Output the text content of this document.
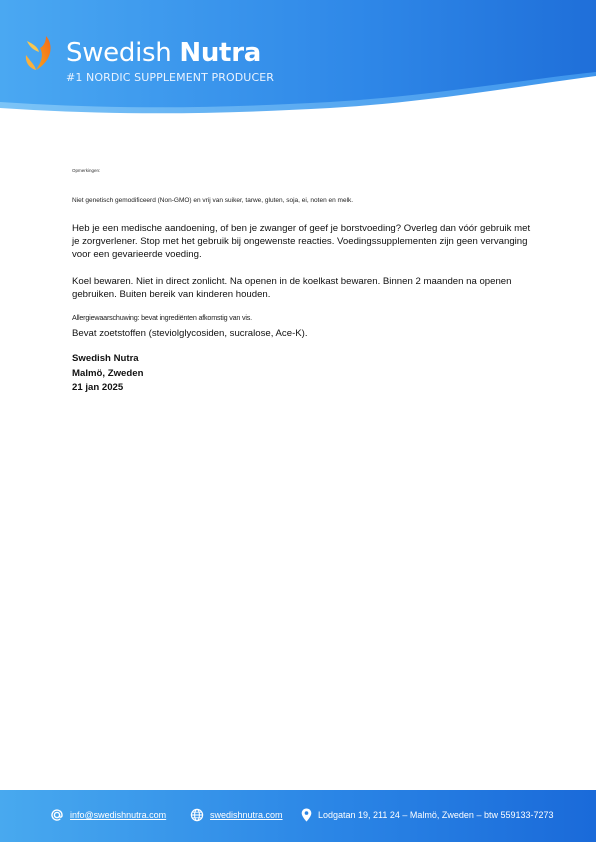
Swedish Nutra
#1 NORDIC SUPPLEMENT PRODUCER

Opmerkingen:

Niet genetisch gemodificeerd (Non-GMO) en vrij van suiker, tarwe, gluten, soja, ei, noten en melk.

Heb je een medische aandoening, of ben je zwanger of geef je borstvoeding? Overleg dan vóór gebruik met je zorgverlener. Stop met het gebruik bij ongewenste reacties. Voedingssupplementen zijn geen vervanging voor een gevarieerde voeding.

Koel bewaren. Niet in direct zonlicht. Na openen in de koelkast bewaren. Binnen 2 maanden na openen gebruiken. Buiten bereik van kinderen houden.

Allergiewaarschuwing: bevat ingrediënten afkomstig van vis.

Bevat zoetstoffen (steviolglycosiden, sucralose, Ace-K).

Swedish Nutra
Malmö, Zweden
21 jan 2025
info@swedishnutra.com	swedishnutra.com	Lodgatan 19, 211 24 – Malmö, Zweden – btw 559133-7273
